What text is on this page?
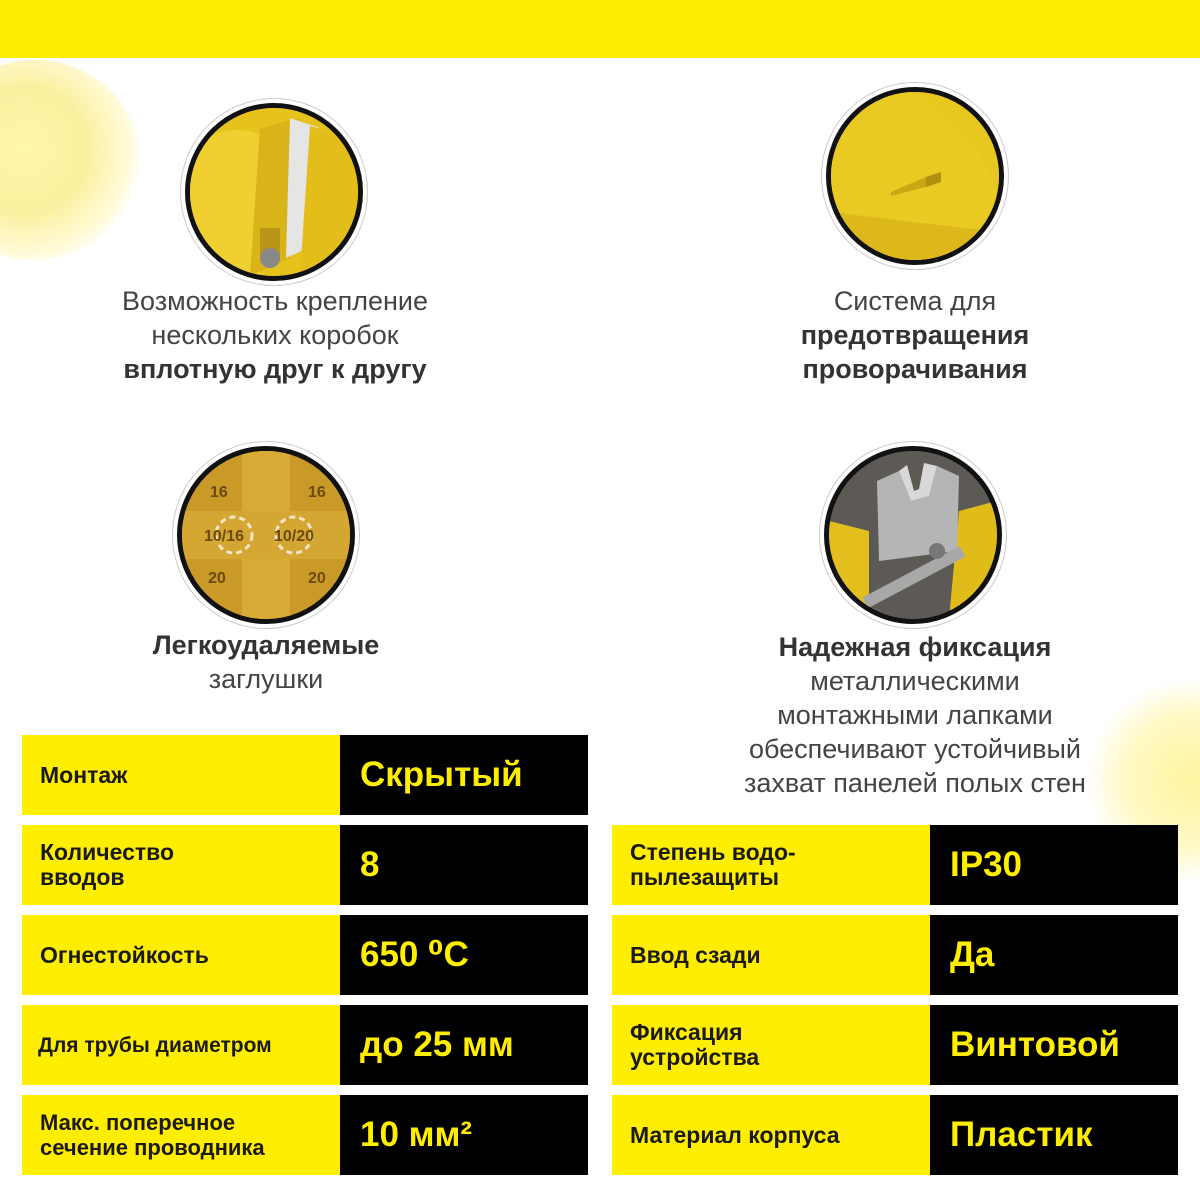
16	16
10/16 10/20
20	20
Возможность крепление
нескольких коробок
вплотную друг к другу
Система для
предотвращения
проворачивания
Легкоудаляемые
заглушки
Надежная фиксация
металлическими
монтажными лапками
обеспечивают устойчивый
захват панелей полых стен
Монтаж	Скрытый
Количество
вводов	8
Огнестойкость	650 ⁰С
Для трубы диаметром	до 25 мм
Макс. поперечное
сечение проводника	10 мм²
Степень водо-
пылезащиты	IP30
Ввод сзади	Да
Фиксация
устройства	Винтовой
Материал корпуса	Пластик
